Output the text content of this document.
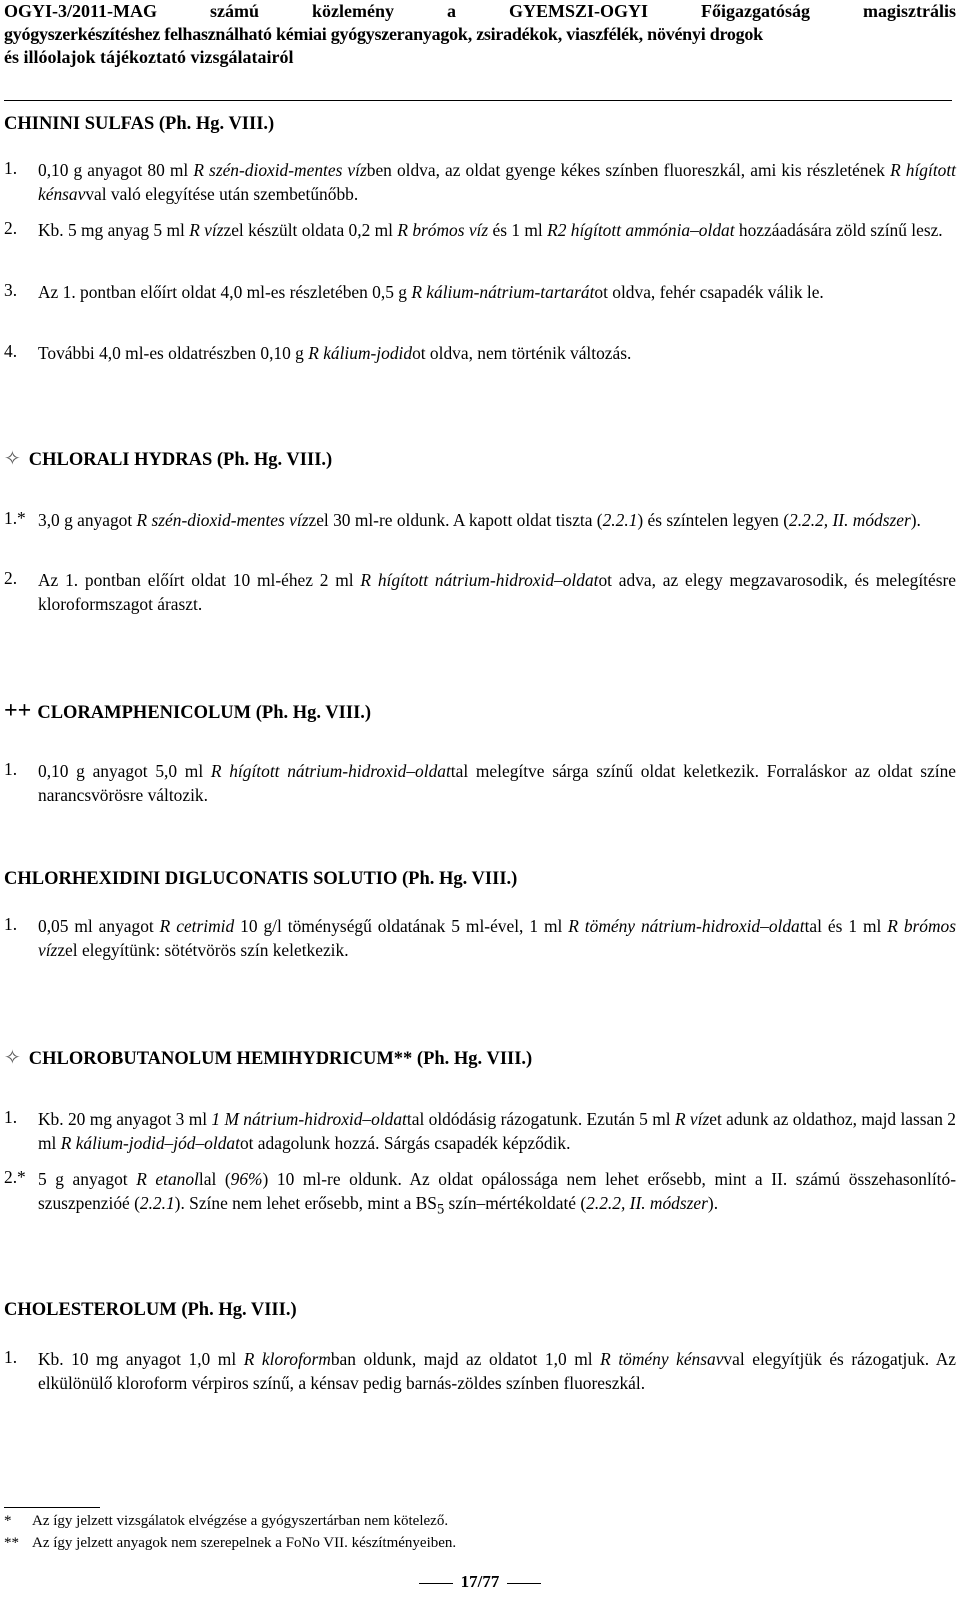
OGYI-3/2011-MAG	számú	közlemény	a	GYEMSZI-OGYI	Főigazgatóság	magisztrális
gyógyszerkészítéshez felhasználható kémiai gyógyszeranyagok, zsiradékok, viaszfélék, növényi drogok
és illóolajok tájékoztató vizsgálatairól
CHININI SULFAS (Ph. Hg. VIII.)
1.	0,10 g anyagot 80 ml R szén-dioxid-mentes vízben oldva, az oldat gyenge kékes színben fluoreszkál, ami kis részletének R hígított kénsavval való elegyítése után szembetűnőbb.
2.	Kb. 5 mg anyag 5 ml R vízzel készült oldata 0,2 ml R brómos víz és 1 ml R2 hígított ammónia–oldat hozzáadására zöld színű lesz.
3.	Az 1. pontban előírt oldat 4,0 ml-es részletében 0,5 g R kálium-nátrium-tartarátot oldva, fehér csapadék válik le.
4.	További 4,0 ml-es oldatrészben 0,10 g R kálium-jodidot oldva, nem történik változás.
✧ CHLORALI HYDRAS (Ph. Hg. VIII.)
1.* 3,0 g anyagot R szén-dioxid-mentes vízzel 30 ml-re oldunk. A kapott oldat tiszta (2.2.1) és színtelen legyen (2.2.2, II. módszer).
2.	Az 1. pontban előírt oldat 10 ml-éhez 2 ml R hígított nátrium-hidroxid–oldatot adva, az elegy megzavarosodik, és melegítésre kloroformszagot áraszt.
++ CLORAMPHENICOLUM (Ph. Hg. VIII.)
1.	0,10 g anyagot 5,0 ml R hígított nátrium-hidroxid–oldattal melegítve sárga színű oldat keletkezik. Forraláskor az oldat színe narancsvörösre változik.
CHLORHEXIDINI DIGLUCONATIS SOLUTIO (Ph. Hg. VIII.)
1.	0,05 ml anyagot R cetrimid 10 g/l töménységű oldatának 5 ml-ével, 1 ml R tömény nátrium-hidroxid–oldattal és 1 ml R brómos vízzel elegyítünk: sötétvörös szín keletkezik.
✧ CHLOROBUTANOLUM HEMIHYDRICUM** (Ph. Hg. VIII.)
1.	Kb. 20 mg anyagot 3 ml 1 M nátrium-hidroxid–oldattal oldódásig rázogatunk. Ezután 5 ml R vízet adunk az oldathoz, majd lassan 2 ml R kálium-jodid–jód–oldatot adagolunk hozzá. Sárgás csapadék képződik.
2.* 5 g anyagot R etanollal (96%) 10 ml-re oldunk. Az oldat opálossága nem lehet erősebb, mint a II. számú összehasonlító-szuszpenzióé (2.2.1). Színe nem lehet erősebb, mint a $BS_5$ szín–mértékoldaté (2.2.2, II. módszer).
CHOLESTEROLUM (Ph. Hg. VIII.)
1.	Kb. 10 mg anyagot 1,0 ml R kloroformban oldunk, majd az oldatot 1,0 ml R tömény kénsavval elegyítjük és rázogatjuk. Az elkülönülő kloroform vérpiros színű, a kénsav pedig barnás-zöldes színben fluoreszkál.
* Az így jelzett vizsgálatok elvégzése a gyógyszertárban nem kötelező.
** Az így jelzett anyagok nem szerepelnek a FoNo VII. készítményeiben.
17/77
